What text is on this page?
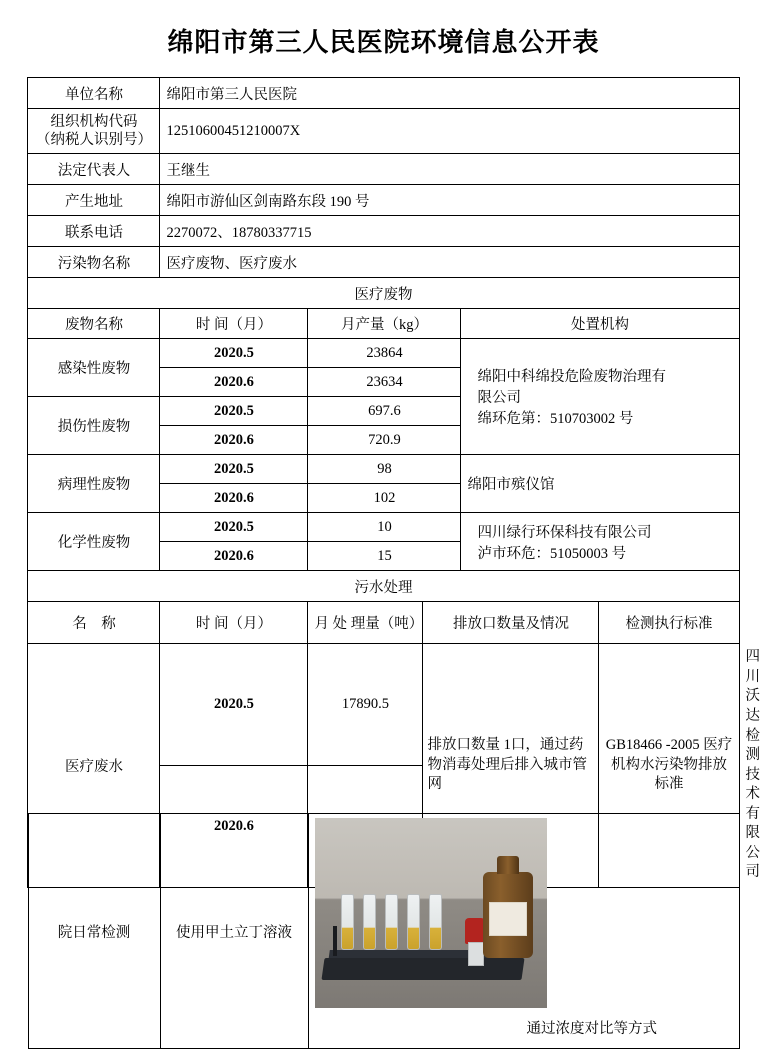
绵阳市第三人民医院环境信息公开表
单位名称	绵阳市第三人民医院					

组织机构代码
（纳税人识别号）	12510600451210007X					
法定代表人	王继生					
产生地址	绵阳市游仙区剑南路东段 190 号					
联系电话	2270072、18780337715					
污染物名称	医疗废物、医疗废水					
医疗废物						
废物名称	时 间（月）	月产量（kg）		处置机构		
感染性废物	2020.5	23864		绵阳中科绵投危险废物治理有
限公司
绵环危第：510703002 号		

	2020.6	23634				
损伤性废物	2020.5	697.6				
	2020.6	720.9				
病理性废物	2020.5	98		绵阳市殡仪馆		
	2020.6	102				
化学性废物	2020.5	10		四川绿行环保科技有限公司
泸市环危：51050003 号		

	2020.6	15				
污水处理						
名　称	时 间（月）	月 处 理量（吨）	排放口数量及情况		检测执行标准	
医疗废水	2020.5	17890.5	排放口数量 1口，通过药物消毒处理后排入城市管网		GB18466 -2005 医疗机构水污染物排放标准	四川沃达检测技术有限公司
	2020.6	
院日常检测	使用甲土立丁溶液	
通过浓度对比等方式
